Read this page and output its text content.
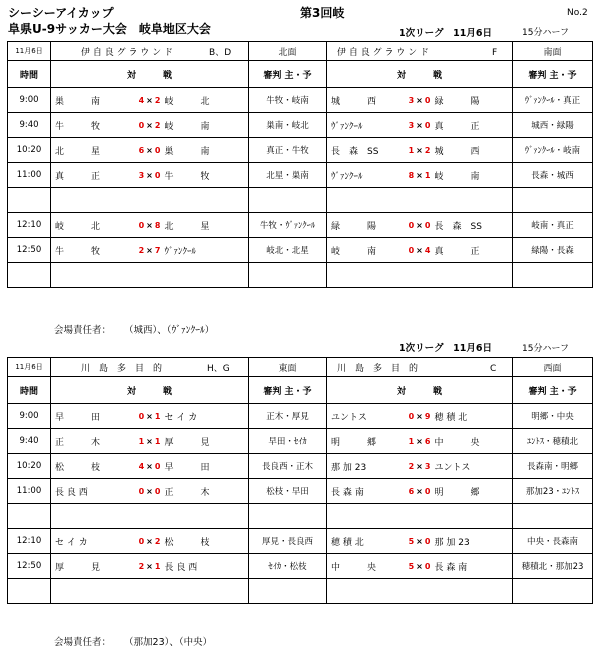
シーシーアイカップ	第3回岐	No.2
阜県U-9サッカー大会　岐阜地区大会	1次リーグ　11月6日	15分ハーフ
11月6日	伊 自 良 グ ラ ウ ン ド　　　　B、D	北面	伊 自 良 グ ラ ウ ン ド　　　　　　　F	南面
時間	対　　　戦	審判 主・予	対　　　戦	審判 主・予
9:00	巣　　　南 4 × 2 岐　　　北	牛牧・岐南	城　　　西 3 × 0 緑　　　陽	ｳﾞｧﾝｸｰﾙ・真正
9:40	牛　　　牧 0 × 2 岐　　　南	巣南・岐北	ｳﾞｧﾝｸｰﾙ 3 × 0 真　　　正	城西・緑陽
10:20	北　　　星 6 × 0 巣　　　南	真正・牛牧	長　森　SS 1 × 2 城　　　西	ｳﾞｧﾝｸｰﾙ・岐南
11:00	真　　　正 3 × 0 牛　　　牧	北星・巣南	ｳﾞｧﾝｸｰﾙ 8 × 1 岐　　　南	長森・城西

12:10	岐　　　北 0 × 8 北　　　星	牛牧・ｳﾞｧﾝｸｰﾙ	緑　　　陽 0 × 0 長　森　SS	岐南・真正
12:50	牛　　　牧 2 × 7 ｳﾞｧﾝｸｰﾙ	岐北・北星	岐　　　南 0 × 4 真　　　正	緑陽・長森

会場責任者： （城西）、（ｳﾞｧﾝｸｰﾙ）
1次リーグ　11月6日	15分ハーフ
11月6日	川　島　多　目　的　　　　　H、G	東面	川　島　多　目　的　　　　　　　　C	西面
時間	対　　　戦	審判 主・予	対　　　戦	審判 主・予
9:00	早　　　田 0 × 1 セ イ カ	正木・厚見	ユントス 0 × 9 穂 積 北	明郷・中央
9:40	正　　　木 1 × 1 厚　　　見	早田・ｾｲｶ	明　　　郷 1 × 6 中　　　央	ﾕﾝﾄｽ・穂積北
10:20	松　　　枝 4 × 0 早　　　田	長良西・正木	那 加 23 2 × 3 ユントス	長森南・明郷
11:00	長 良 西 0 × 0 正　　　木	松枝・早田	長 森 南 6 × 0 明　　　郷	那加23・ﾕﾝﾄｽ

12:10	セ イ カ 0 × 2 松　　　枝	厚見・長良西	穂 積 北 5 × 0 那 加 23	中央・長森南
12:50	厚　　　見 2 × 1 長 良 西	ｾｲｶ・松枝	中　　　央 5 × 0 長 森 南	穂積北・那加23

会場責任者： （那加23）、（中央）
